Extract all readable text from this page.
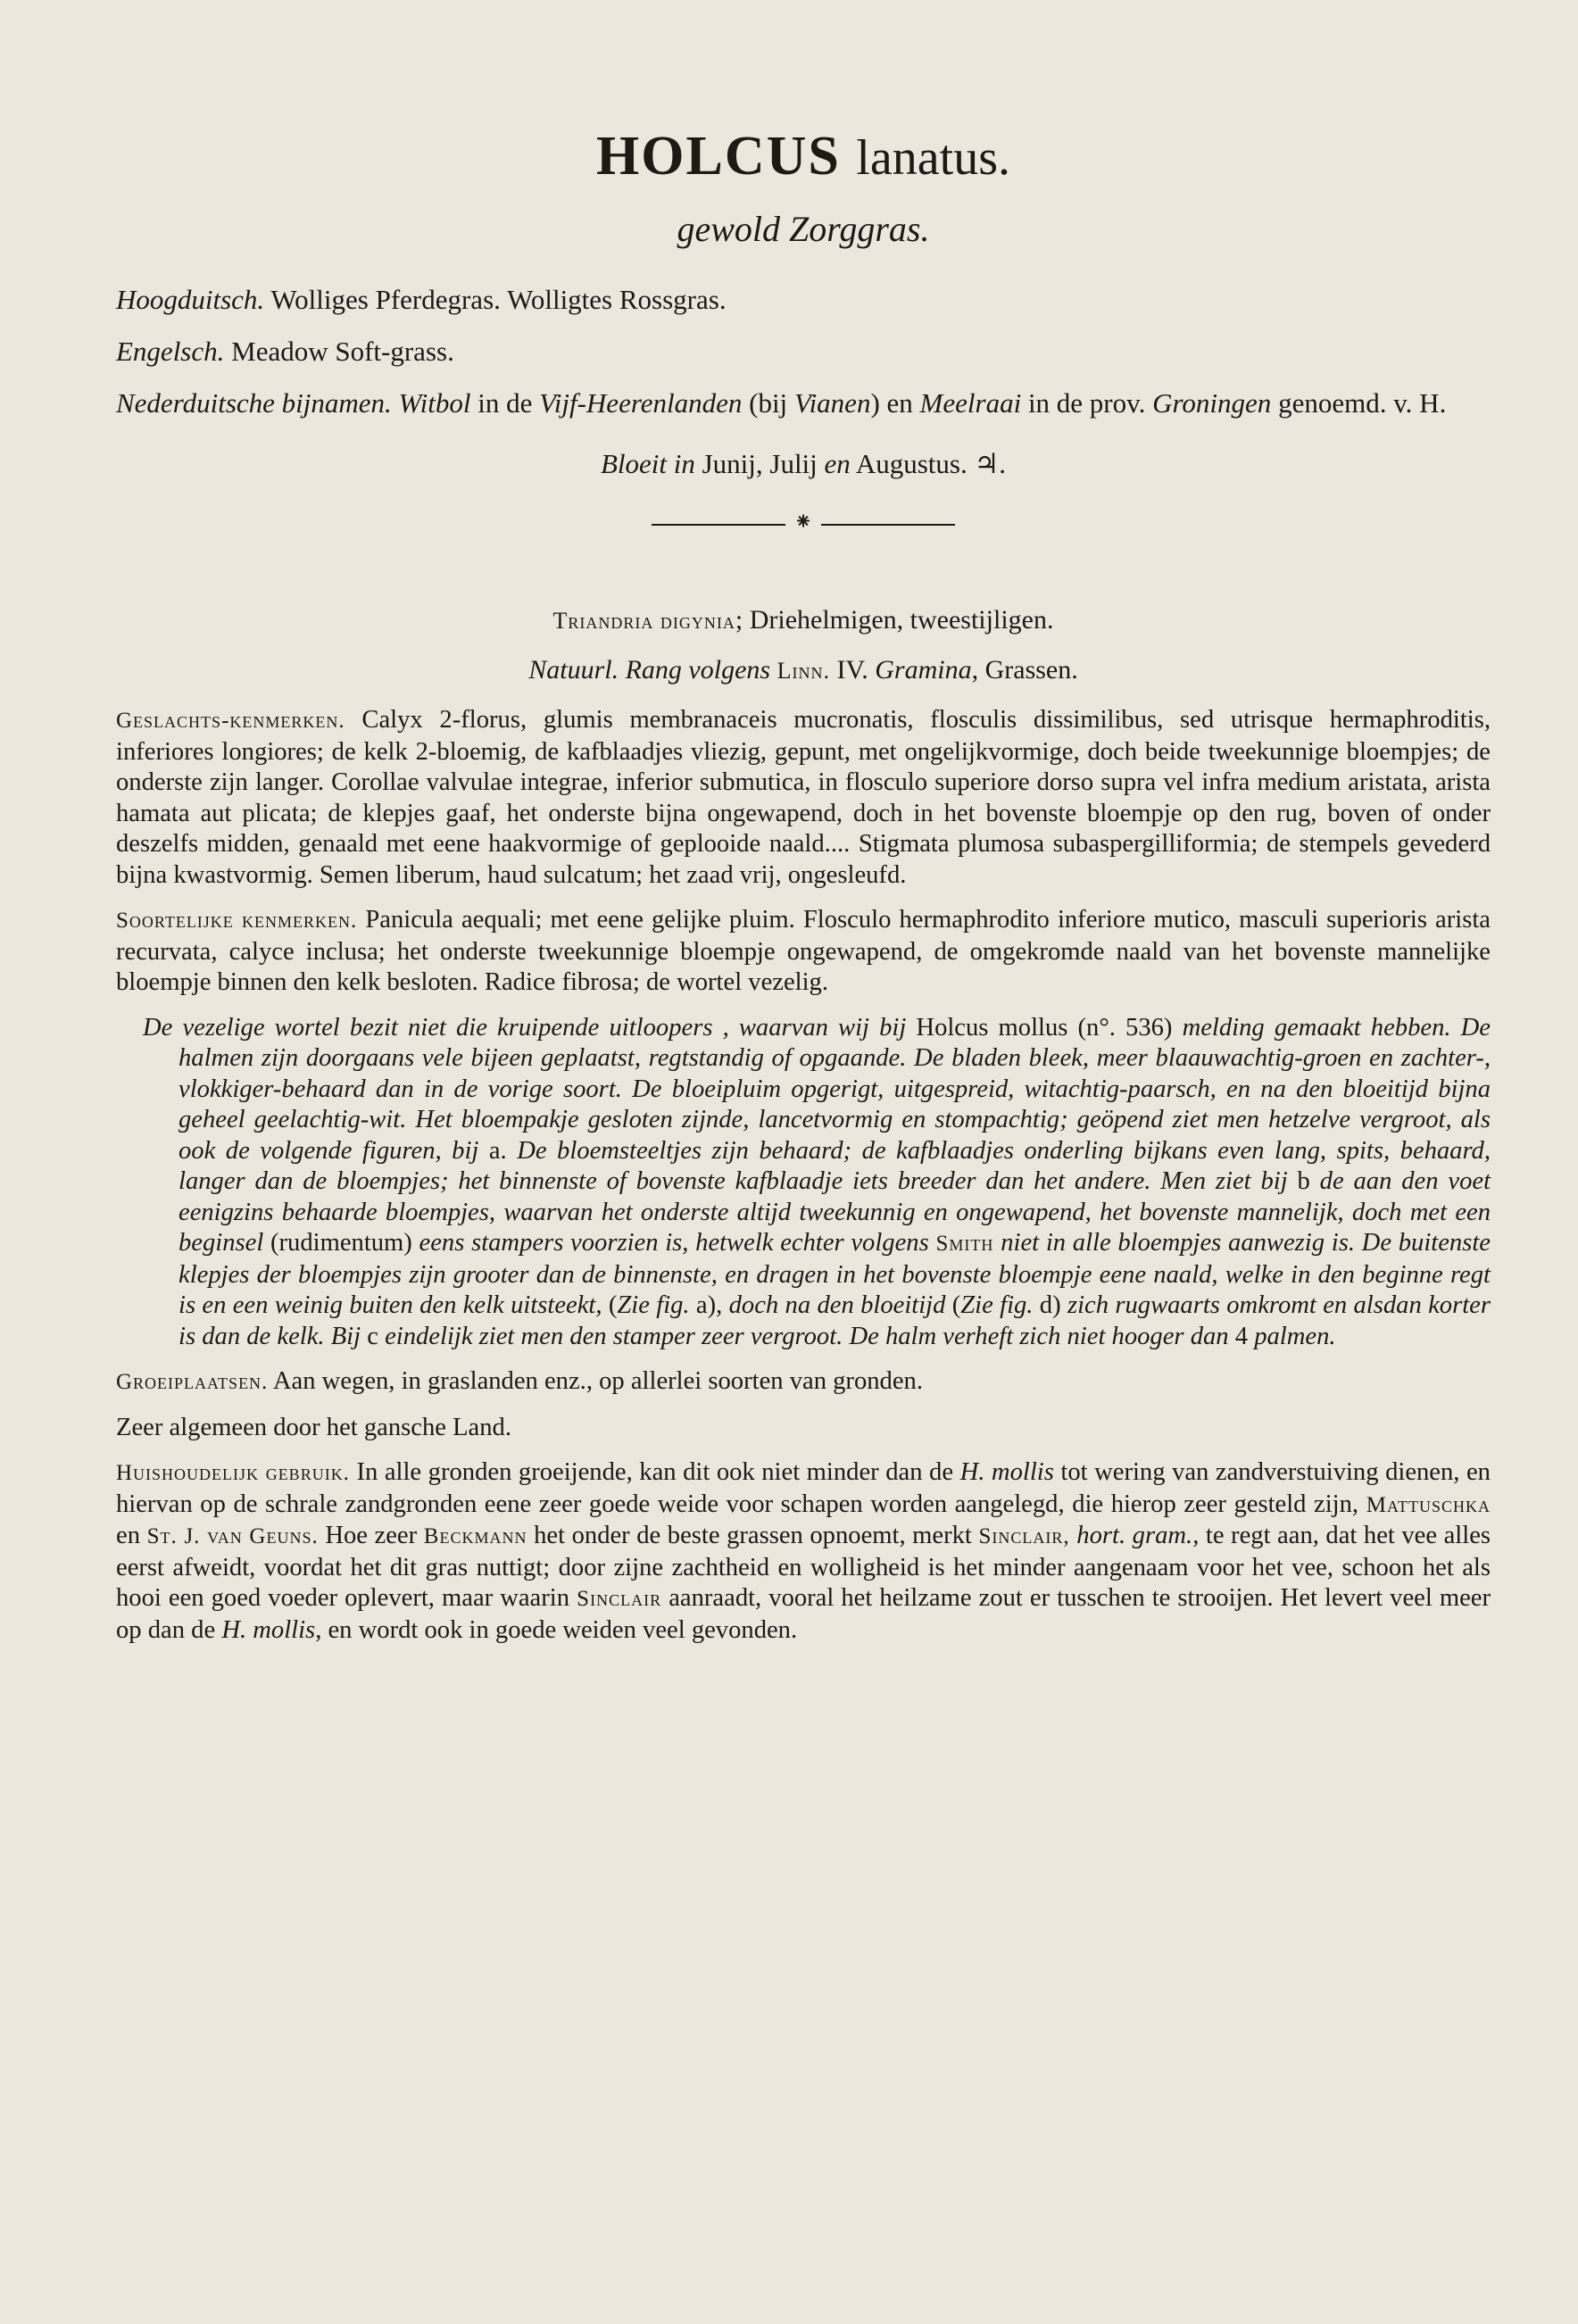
HOLCUS lanatus.
gewold Zorggras.

Hoogduitsch. Wolliges Pferdegras. Wolligtes Rossgras.

Engelsch. Meadow Soft-grass.

Nederduitsche bijnamen. Witbol in de Vijf-Heerenlanden (bij Vianen) en Meelraai in de prov. Groningen genoemd. v. H.

Bloeit in Junij, Julij en Augustus. ♃.
⁕
Triandria digynia; Driehelmigen, tweestijligen.
Natuurl. Rang volgens Linn. IV. Gramina, Grassen.

Geslachts-kenmerken. Calyx 2-florus, glumis membranaceis mucronatis, flosculis dissimilibus, sed utrisque hermaphroditis, inferiores longiores; de kelk 2-bloemig, de kafblaadjes vliezig, gepunt, met ongelijkvormige, doch beide tweekunnige bloempjes; de onderste zijn langer. Corollae valvulae integrae, inferior submutica, in flosculo superiore dorso supra vel infra medium aristata, arista hamata aut plicata; de klepjes gaaf, het onderste bijna ongewapend, doch in het bovenste bloempje op den rug, boven of onder deszelfs midden, genaald met eene haakvormige of geplooide naald.... Stigmata plumosa subaspergilliformia; de stempels gevederd bijna kwastvormig. Semen liberum, haud sulcatum; het zaad vrij, ongesleufd.

Soortelijke kenmerken. Panicula aequali; met eene gelijke pluim. Flosculo hermaphrodito inferiore mutico, masculi superioris arista recurvata, calyce inclusa; het onderste tweekunnige bloempje ongewapend, de omgekromde naald van het bovenste mannelijke bloempje binnen den kelk besloten. Radice fibrosa; de wortel vezelig.

De vezelige wortel bezit niet die kruipende uitloopers , waarvan wij bij Holcus mollus (n°. 536) melding gemaakt hebben. De halmen zijn doorgaans vele bijeen geplaatst, regtstandig of opgaande. De bladen bleek, meer blaauwachtig-groen en zachter-, vlokkiger-behaard dan in de vorige soort. De bloeipluim opgerigt, uitgespreid, witachtig-paarsch, en na den bloeitijd bijna geheel geelachtig-wit. Het bloempakje gesloten zijnde, lancetvormig en stompachtig; geöpend ziet men hetzelve vergroot, als ook de volgende figuren, bij a. De bloemsteeltjes zijn behaard; de kafblaadjes onderling bijkans even lang, spits, behaard, langer dan de bloempjes; het binnenste of bovenste kafblaadje iets breeder dan het andere. Men ziet bij b de aan den voet eenigzins behaarde bloempjes, waarvan het onderste altijd tweekunnig en ongewapend, het bovenste mannelijk, doch met een beginsel (rudimentum) eens stampers voorzien is, hetwelk echter volgens Smith niet in alle bloempjes aanwezig is. De buitenste klepjes der bloempjes zijn grooter dan de binnenste, en dragen in het bovenste bloempje eene naald, welke in den beginne regt is en een weinig buiten den kelk uitsteekt, (Zie fig. a), doch na den bloeitijd (Zie fig. d) zich rugwaarts omkromt en alsdan korter is dan de kelk. Bij c eindelijk ziet men den stamper zeer vergroot. De halm verheft zich niet hooger dan 4 palmen.

Groeiplaatsen. Aan wegen, in graslanden enz., op allerlei soorten van gronden.

Zeer algemeen door het gansche Land.

Huishoudelijk gebruik. In alle gronden groeijende, kan dit ook niet minder dan de H. mollis tot wering van zandverstuiving dienen, en hiervan op de schrale zandgronden eene zeer goede weide voor schapen worden aangelegd, die hierop zeer gesteld zijn, Mattuschka en St. J. van Geuns. Hoe zeer Beckmann het onder de beste grassen opnoemt, merkt Sinclair, hort. gram., te regt aan, dat het vee alles eerst afweidt, voordat het dit gras nuttigt; door zijne zachtheid en wolligheid is het minder aangenaam voor het vee, schoon het als hooi een goed voeder oplevert, maar waarin Sinclair aanraadt, vooral het heilzame zout er tusschen te strooijen. Het levert veel meer op dan de H. mollis, en wordt ook in goede weiden veel gevonden.
